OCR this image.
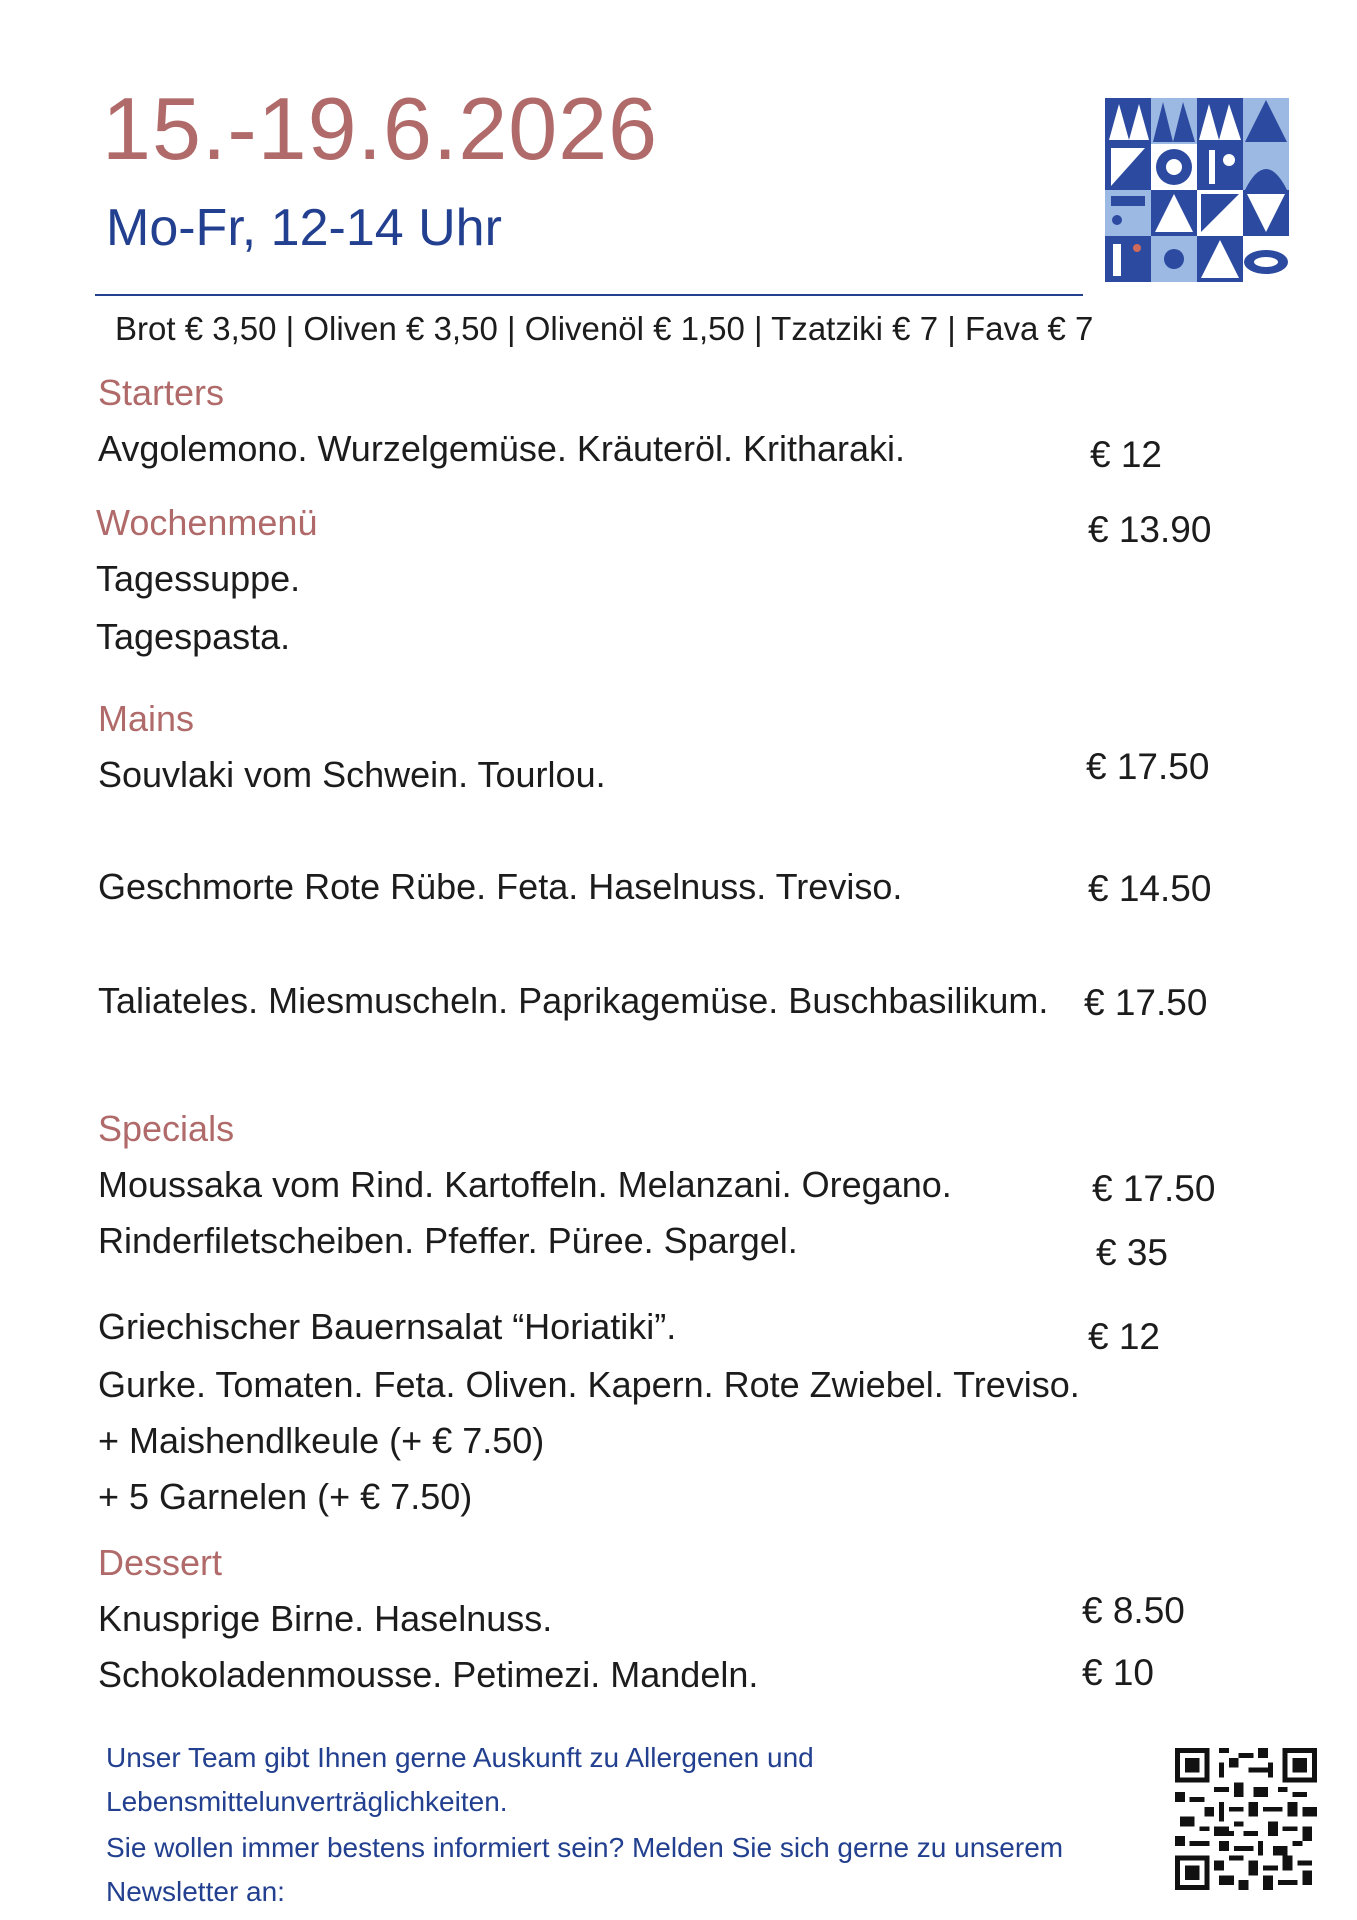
15.-19.6.2026
Mo-Fr, 12-14 Uhr
Brot € 3,50 | Oliven € 3,50 | Olivenöl € 1,50 | Tzatziki € 7 | Fava € 7
Starters
Avgolemono. Wurzelgemüse. Kräuteröl. Kritharaki.	€ 12
Wochenmenü	€ 13.90
Tagessuppe.
Tagespasta.
Mains
Souvlaki vom Schwein. Tourlou.	€ 17.50
Geschmorte Rote Rübe. Feta. Haselnuss. Treviso.	€ 14.50
Taliateles. Miesmuscheln. Paprikagemüse. Buschbasilikum. € 17.50
Specials
Moussaka vom Rind. Kartoffeln. Melanzani. Oregano.	€ 17.50
Rinderfiletscheiben. Pfeffer. Püree. Spargel.	€ 35
Griechischer Bauernsalat “Horiatiki”.	€ 12
Gurke. Tomaten. Feta. Oliven. Kapern. Rote Zwiebel. Treviso.
+ Maishendlkeule (+ € 7.50)
+ 5 Garnelen (+ € 7.50)
Dessert
Knusprige Birne. Haselnuss.	€ 8.50
Schokoladenmousse. Petimezi. Mandeln.	€ 10
Unser Team gibt Ihnen gerne Auskunft zu Allergenen und
Lebensmittelunverträglichkeiten.
Sie wollen immer bestens informiert sein? Melden Sie sich gerne zu unserem
Newsletter an:
